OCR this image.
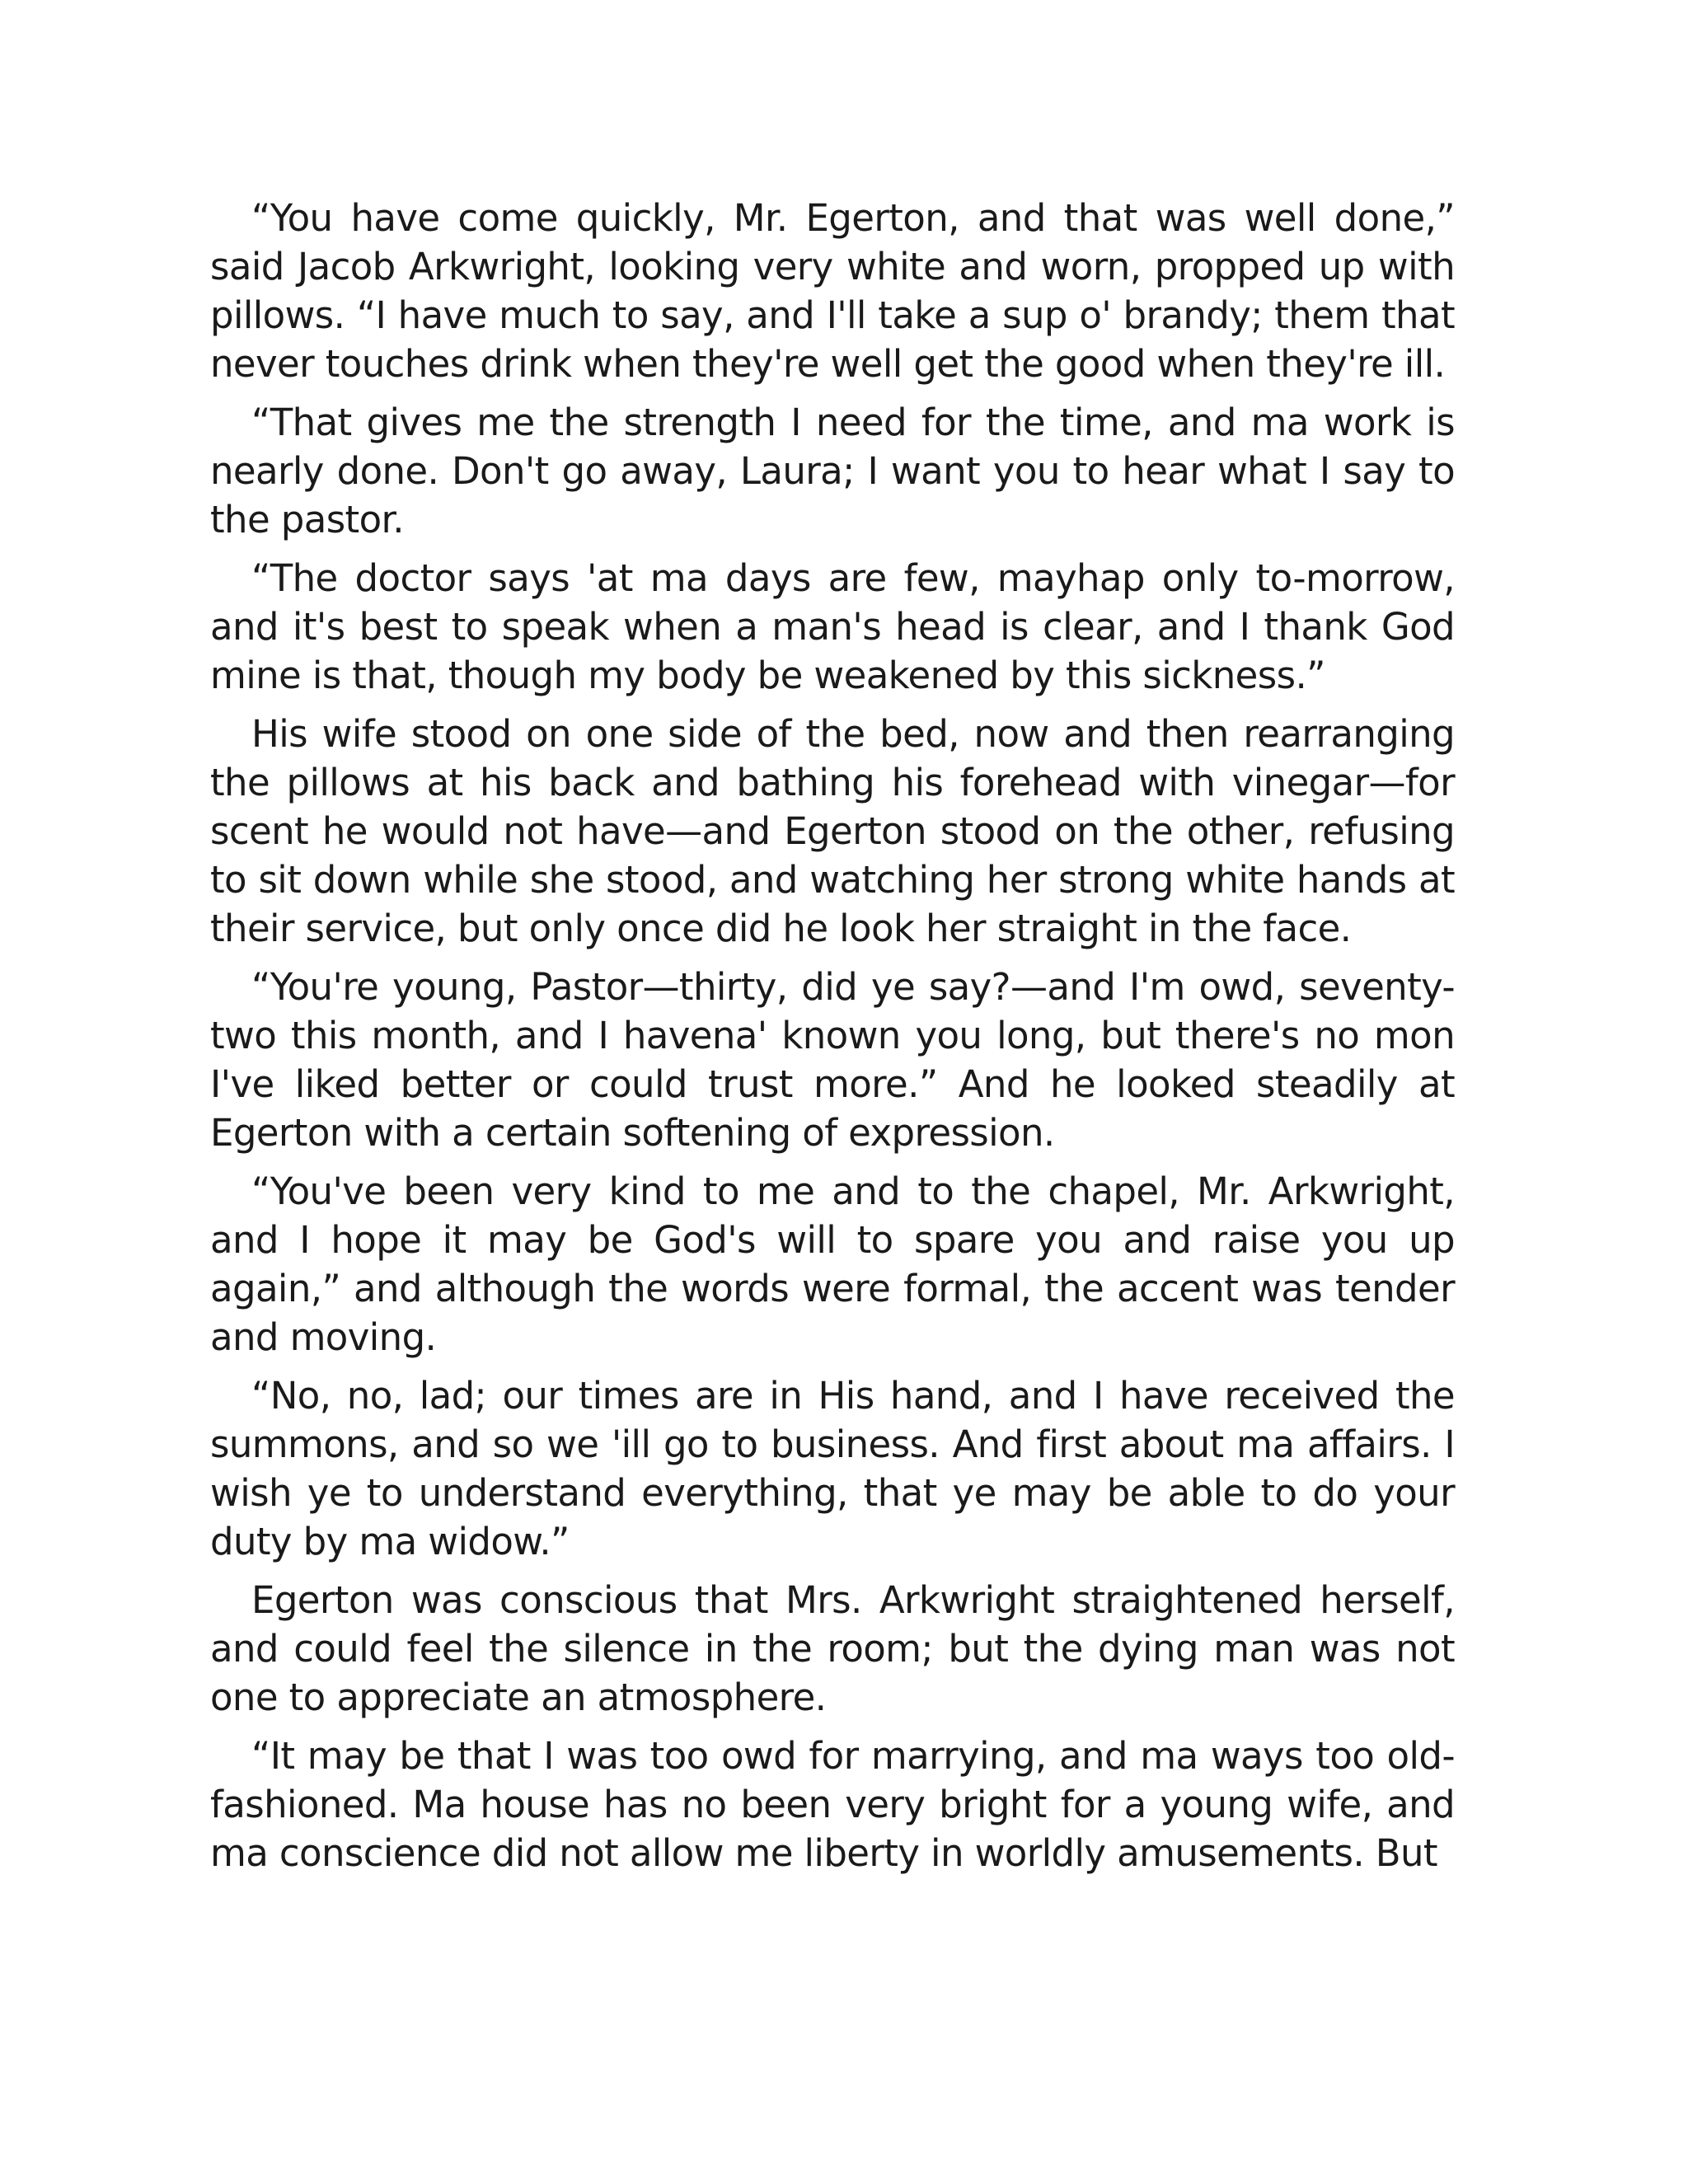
“You have come quickly, Mr. Egerton, and that was well done,” said Jacob Arkwright, looking very white and worn, propped up with pillows. “I have much to say, and I'll take a sup o' brandy; them that never touches drink when they're well get the good when they're ill.

“That gives me the strength I need for the time, and ma work is nearly done. Don't go away, Laura; I want you to hear what I say to the pastor.

“The doctor says 'at ma days are few, mayhap only to-morrow, and it's best to speak when a man's head is clear, and I thank God mine is that, though my body be weakened by this sickness.”

His wife stood on one side of the bed, now and then rearranging the pillows at his back and bathing his forehead with vinegar—for scent he would not have—and Egerton stood on the other, refusing to sit down while she stood, and watching her strong white hands at their service, but only once did he look her straight in the face.

“You're young, Pastor—thirty, did ye say?—and I'm owd, seventy-two this month, and I havena' known you long, but there's no mon I've liked better or could trust more.” And he looked steadily at Egerton with a certain softening of expression.

“You've been very kind to me and to the chapel, Mr. Arkwright, and I hope it may be God's will to spare you and raise you up again,” and although the words were formal, the accent was tender and moving.

“No, no, lad; our times are in His hand, and I have received the summons, and so we 'ill go to business. And first about ma affairs. I wish ye to understand everything, that ye may be able to do your duty by ma widow.”

Egerton was conscious that Mrs. Arkwright straightened herself, and could feel the silence in the room; but the dying man was not one to appreciate an atmosphere.

“It may be that I was too owd for marrying, and ma ways too old-fashioned. Ma house has no been very bright for a young wife, and ma conscience did not allow me liberty in worldly amusements. But
